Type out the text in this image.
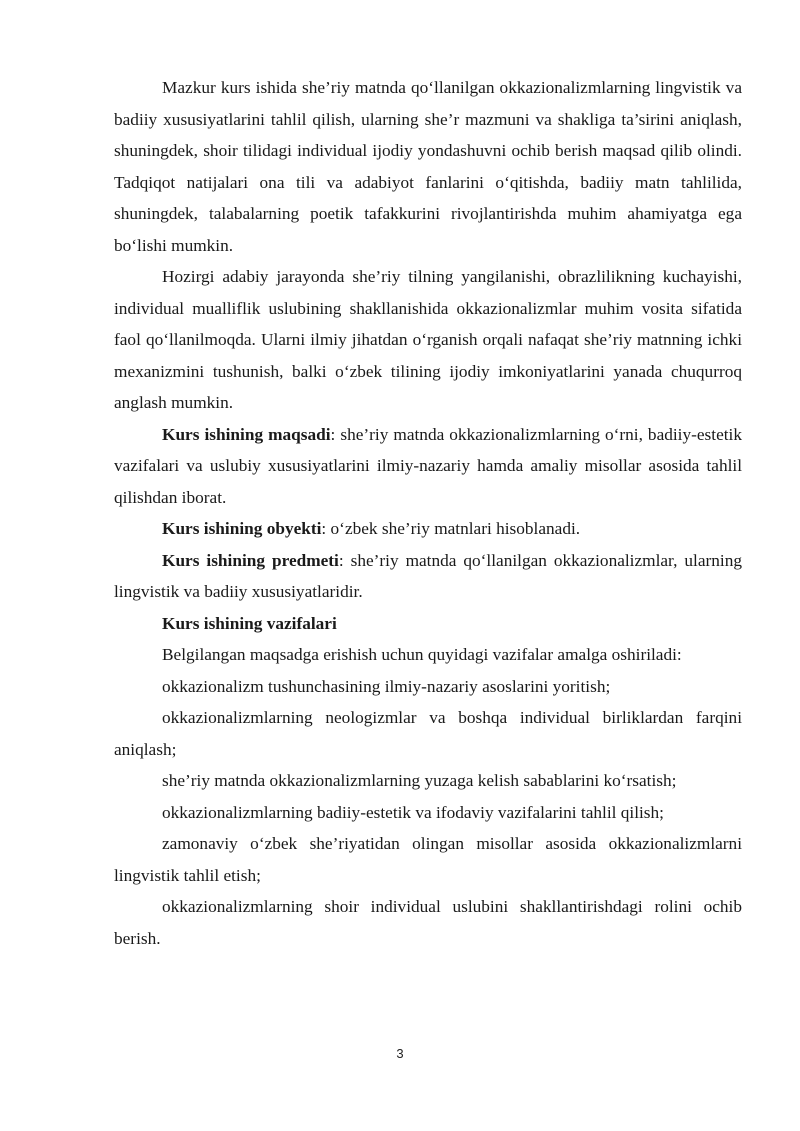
Mazkur kurs ishida she’riy matnda qo‘llanilgan okkazionalizmlarning lingvistik va badiiy xususiyatlarini tahlil qilish, ularning she’r mazmuni va shakliga ta’sirini aniqlash, shuningdek, shoir tilidagi individual ijodiy yondashuvni ochib berish maqsad qilib olindi. Tadqiqot natijalari ona tili va adabiyot fanlarini o‘qitishda, badiiy matn tahlilida, shuningdek, talabalarning poetik tafakkurini rivojlantirishda muhim ahamiyatga ega bo‘lishi mumkin.

Hozirgi adabiy jarayonda she’riy tilning yangilanishi, obrazlilikning kuchayishi, individual mualliflik uslubining shakllanishida okkazionalizmlar muhim vosita sifatida faol qo‘llanilmoqda. Ularni ilmiy jihatdan o‘rganish orqali nafaqat she’riy matnning ichki mexanizmini tushunish, balki o‘zbek tilining ijodiy imkoniyatlarini yanada chuqurroq anglash mumkin.

Kurs ishining maqsadi: she’riy matnda okkazionalizmlarning o‘rni, badiiy-estetik vazifalari va uslubiy xususiyatlarini ilmiy-nazariy hamda amaliy misollar asosida tahlil qilishdan iborat.

Kurs ishining obyekti: o‘zbek she’riy matnlari hisoblanadi.

Kurs ishining predmeti: she’riy matnda qo‘llanilgan okkazionalizmlar, ularning lingvistik va badiiy xususiyatlaridir.

Kurs ishining vazifalari

Belgilangan maqsadga erishish uchun quyidagi vazifalar amalga oshiriladi:

okkazionalizm tushunchasining ilmiy-nazariy asoslarini yoritish;

okkazionalizmlarning neologizmlar va boshqa individual birliklardan farqini aniqlash;

she’riy matnda okkazionalizmlarning yuzaga kelish sabablarini ko‘rsatish;

okkazionalizmlarning badiiy-estetik va ifodaviy vazifalarini tahlil qilish;

zamonaviy o‘zbek she’riyatidan olingan misollar asosida okkazionalizmlarni lingvistik tahlil etish;

okkazionalizmlarning shoir individual uslubini shakllantirishdagi rolini ochib berish.

3
